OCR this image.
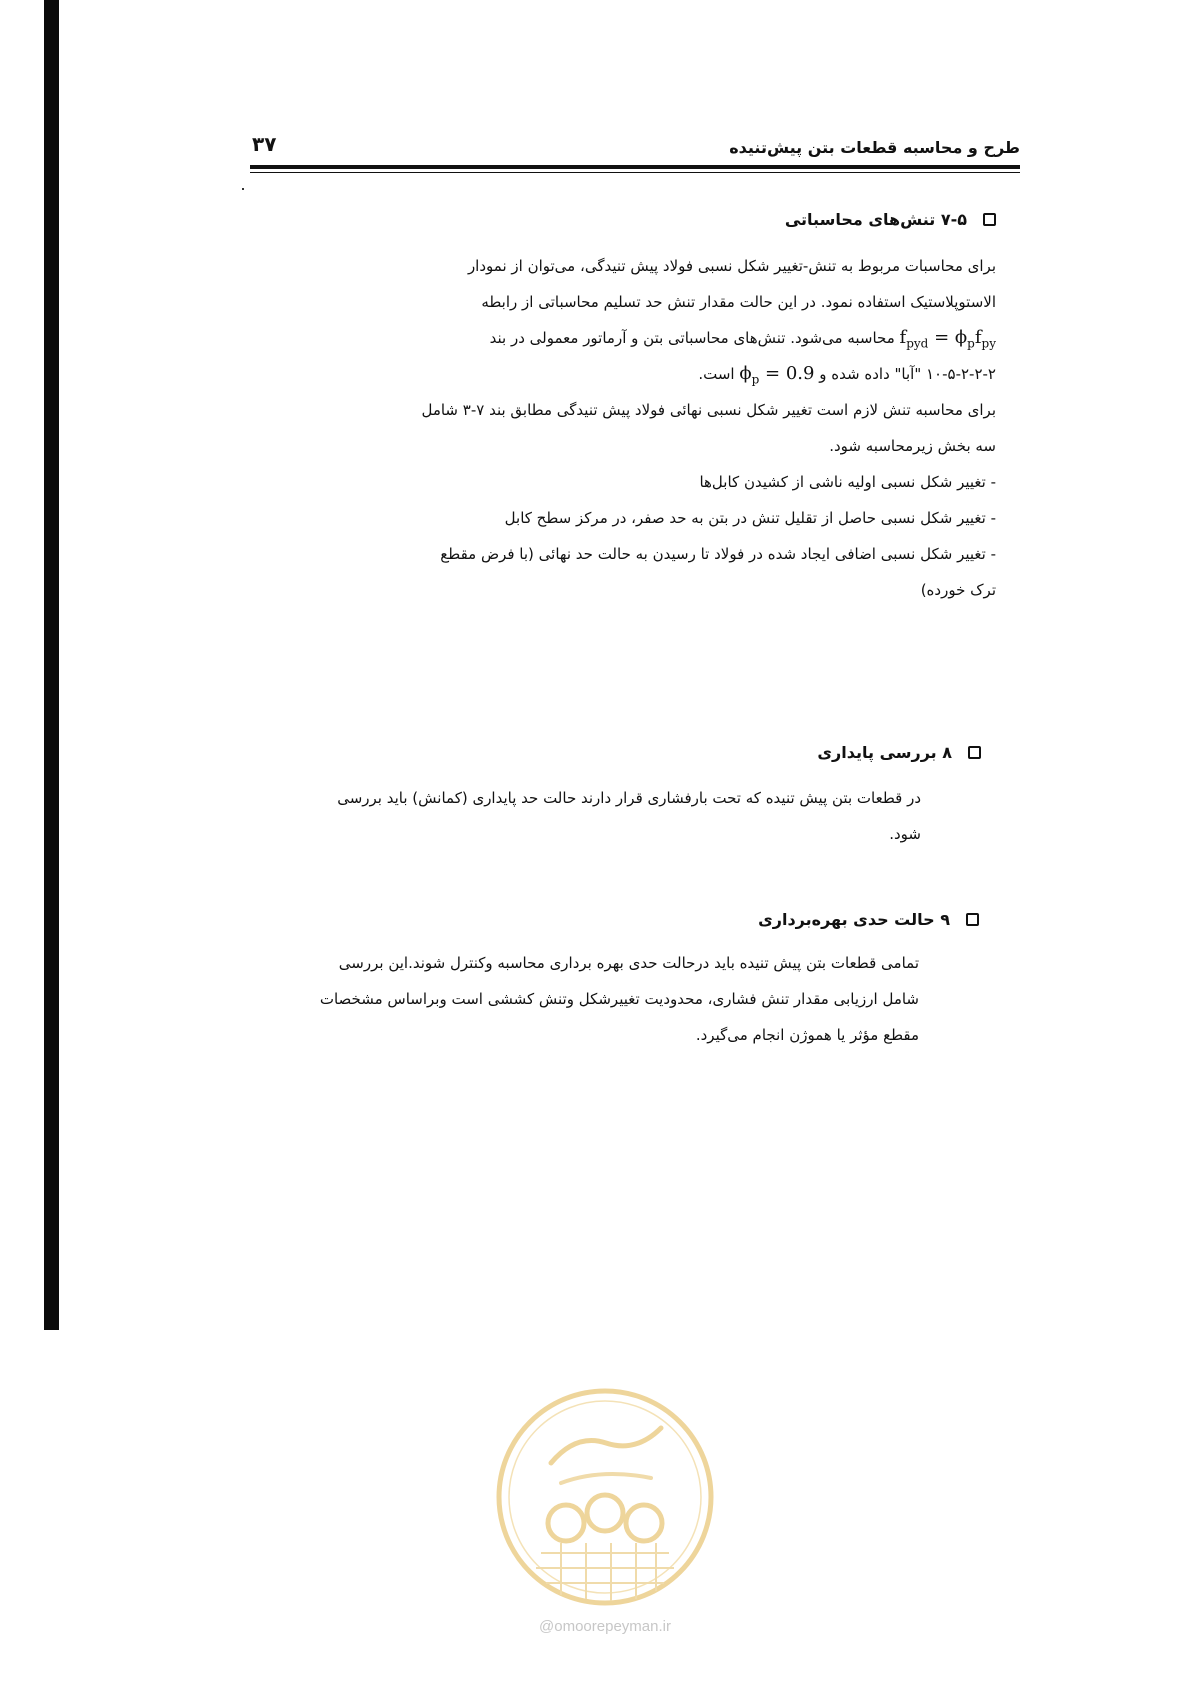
طرح و محاسبه قطعات بتن پیش‌تنیده
۳۷
۷-۵ تنش‌های محاسباتی
برای محاسبات مربوط به تنش-تغییر شکل نسبی فولاد پیش تنیدگی، می‌توان از نمودار
الاستوپلاستیک استفاده نمود. در این حالت مقدار تنش حد تسلیم محاسباتی از رابطه
$f_{pyd} = \phi_pf_{py}$ محاسبه می‌شود. تنش‌های محاسباتی بتن و آرماتور معمولی در بند
۱۰-۵-۲-۲-۲ "آبا" داده شده و $\phi_p = 0.9$ است.
برای محاسبه تنش لازم است تغییر شکل نسبی نهائی فولاد پیش تنیدگی مطابق بند ۷-۳ شامل
سه بخش زیرمحاسبه شود.
- تغییر شکل نسبی اولیه ناشی از کشیدن کابل‌ها
- تغییر شکل نسبی حاصل از تقلیل تنش در بتن به حد صفر، در مرکز سطح کابل
- تغییر شکل نسبی اضافی ایجاد شده در فولاد تا رسیدن به حالت حد نهائی (با فرض مقطع
ترک خورده)
۸ بررسی پایداری
در قطعات بتن پیش تنیده که تحت بارفشاری قرار دارند حالت حد پایداری (کمانش) باید بررسی
شود.
۹ حالت حدی بهره‌برداری
تمامی قطعات بتن پیش تنیده باید درحالت حدی بهره برداری محاسبه وکنترل شوند.این بررسی
شامل ارزیابی مقدار تنش فشاری، محدودیت تغییرشکل وتنش کششی است وبراساس مشخصات
مقطع مؤثر یا هموژن انجام می‌گیرد.
@omoorepeyman.ir
